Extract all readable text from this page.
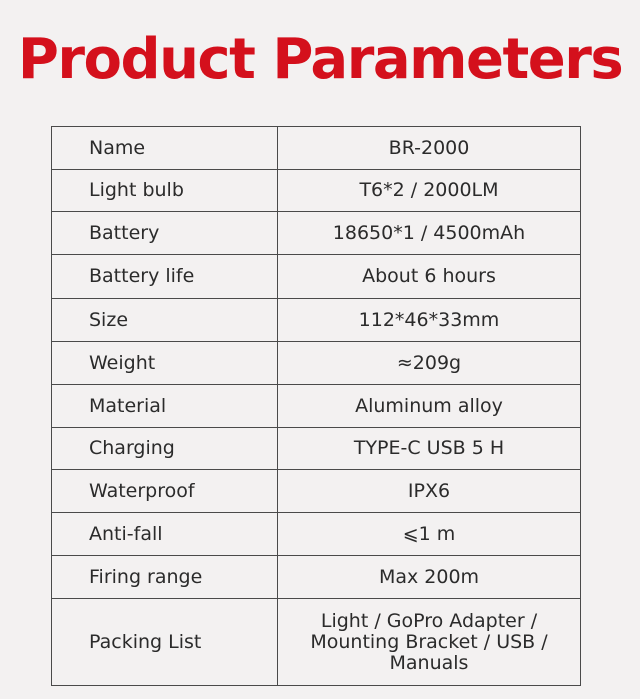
Product Parameters
Name	BR-2000
Light bulb	T6*2 / 2000LM
Battery	18650*1 / 4500mAh
Battery life	About 6 hours
Size	112*46*33mm
Weight	≈209g
Material	Aluminum alloy
Charging	TYPE-C USB 5 H
Waterproof	IPX6
Anti-fall	⩽1 m
Firing range	Max 200m
Packing List	Light / GoPro Adapter /
Mounting Bracket / USB /
Manuals
